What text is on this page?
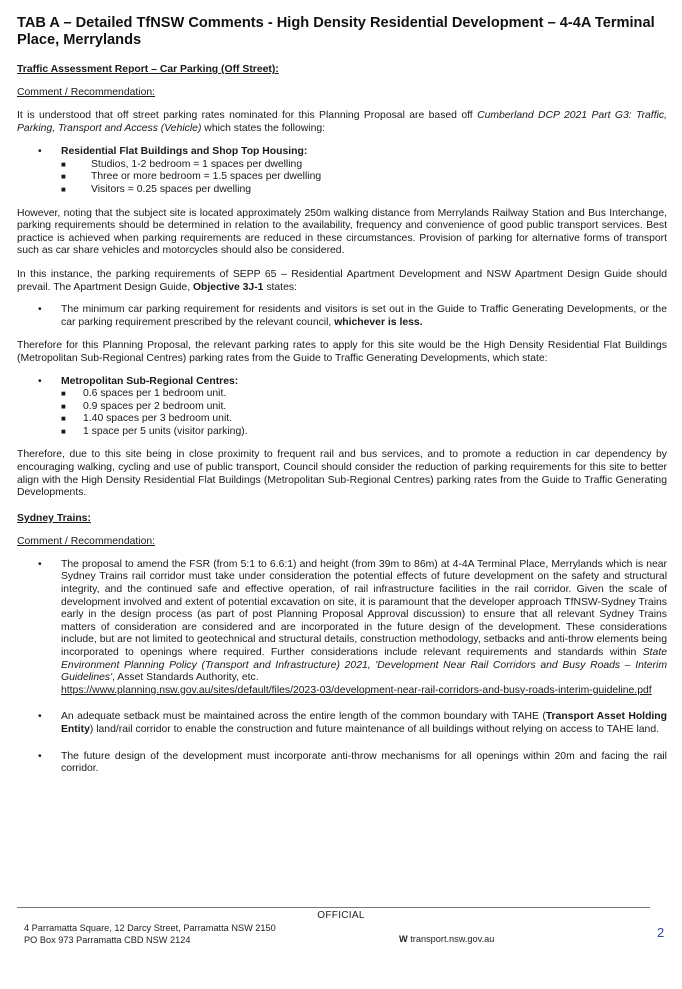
TAB A – Detailed TfNSW Comments - High Density Residential Development – 4-4A Terminal Place, Merrylands
Traffic Assessment Report – Car Parking (Off Street):
Comment / Recommendation:

It is understood that off street parking rates nominated for this Planning Proposal are based off Cumberland DCP 2021 Part G3: Traffic, Parking, Transport and Access (Vehicle) which states the following:

• Residential Flat Buildings and Shop Top Housing:
■ Studios, 1-2 bedroom = 1 spaces per dwelling
■ Three or more bedroom = 1.5 spaces per dwelling
■ Visitors = 0.25 spaces per dwelling

However, noting that the subject site is located approximately 250m walking distance from Merrylands Railway Station and Bus Interchange, parking requirements should be determined in relation to the availability, frequency and convenience of good public transport services. Best practice is achieved when parking requirements are reduced in these circumstances. Provision of parking for alternative forms of transport such as car share vehicles and motorcycles should also be considered.

In this instance, the parking requirements of SEPP 65 – Residential Apartment Development and NSW Apartment Design Guide should prevail. The Apartment Design Guide, Objective 3J-1 states:

• The minimum car parking requirement for residents and visitors is set out in the Guide to Traffic Generating Developments, or the car parking requirement prescribed by the relevant council, whichever is less.

Therefore for this Planning Proposal, the relevant parking rates to apply for this site would be the High Density Residential Flat Buildings (Metropolitan Sub-Regional Centres) parking rates from the Guide to Traffic Generating Developments, which state:

• Metropolitan Sub-Regional Centres:
■ 0.6 spaces per 1 bedroom unit.
■ 0.9 spaces per 2 bedroom unit.
■ 1.40 spaces per 3 bedroom unit.
■ 1 space per 5 units (visitor parking).

Therefore, due to this site being in close proximity to frequent rail and bus services, and to promote a reduction in car dependency by encouraging walking, cycling and use of public transport, Council should consider the reduction of parking requirements for this site to better align with the High Density Residential Flat Buildings (Metropolitan Sub-Regional Centres) parking rates from the Guide to Traffic Generating Developments.

Sydney Trains:
Comment / Recommendation:
• The proposal to amend the FSR (from 5:1 to 6.6:1) and height (from 39m to 86m) at 4-4A Terminal Place, Merrylands which is near Sydney Trains rail corridor must take under consideration the potential effects of future development on the safety and structural integrity, and the continued safe and effective operation, of rail infrastructure facilities in the rail corridor. Given the scale of development involved and extent of potential excavation on site, it is paramount that the developer approach TfNSW-Sydney Trains early in the design process (as part of post Planning Proposal Approval discussion) to ensure that all relevant Sydney Trains matters of consideration are considered and are incorporated in the future design of the development. These considerations include, but are not limited to geotechnical and structural details, construction methodology, setbacks and anti-throw elements being incorporated to openings where required. Further considerations include relevant requirements and standards within State Environment Planning Policy (Transport and Infrastructure) 2021, 'Development Near Rail Corridors and Busy Roads – Interim Guidelines', Asset Standards Authority, etc.
https://www.planning.nsw.gov.au/sites/default/files/2023-03/development-near-rail-corridors-and-busy-roads-interim-guideline.pdf
• An adequate setback must be maintained across the entire length of the common boundary with TAHE (Transport Asset Holding Entity) land/rail corridor to enable the construction and future maintenance of all buildings without relying on access to TAHE land.
• The future design of the development must incorporate anti-throw mechanisms for all openings within 20m and facing the rail corridor.
OFFICIAL
4 Parramatta Square, 12 Darcy Street, Parramatta NSW 2150
PO Box 973 Parramatta CBD NSW 2124	W transport.nsw.gov.au	2
